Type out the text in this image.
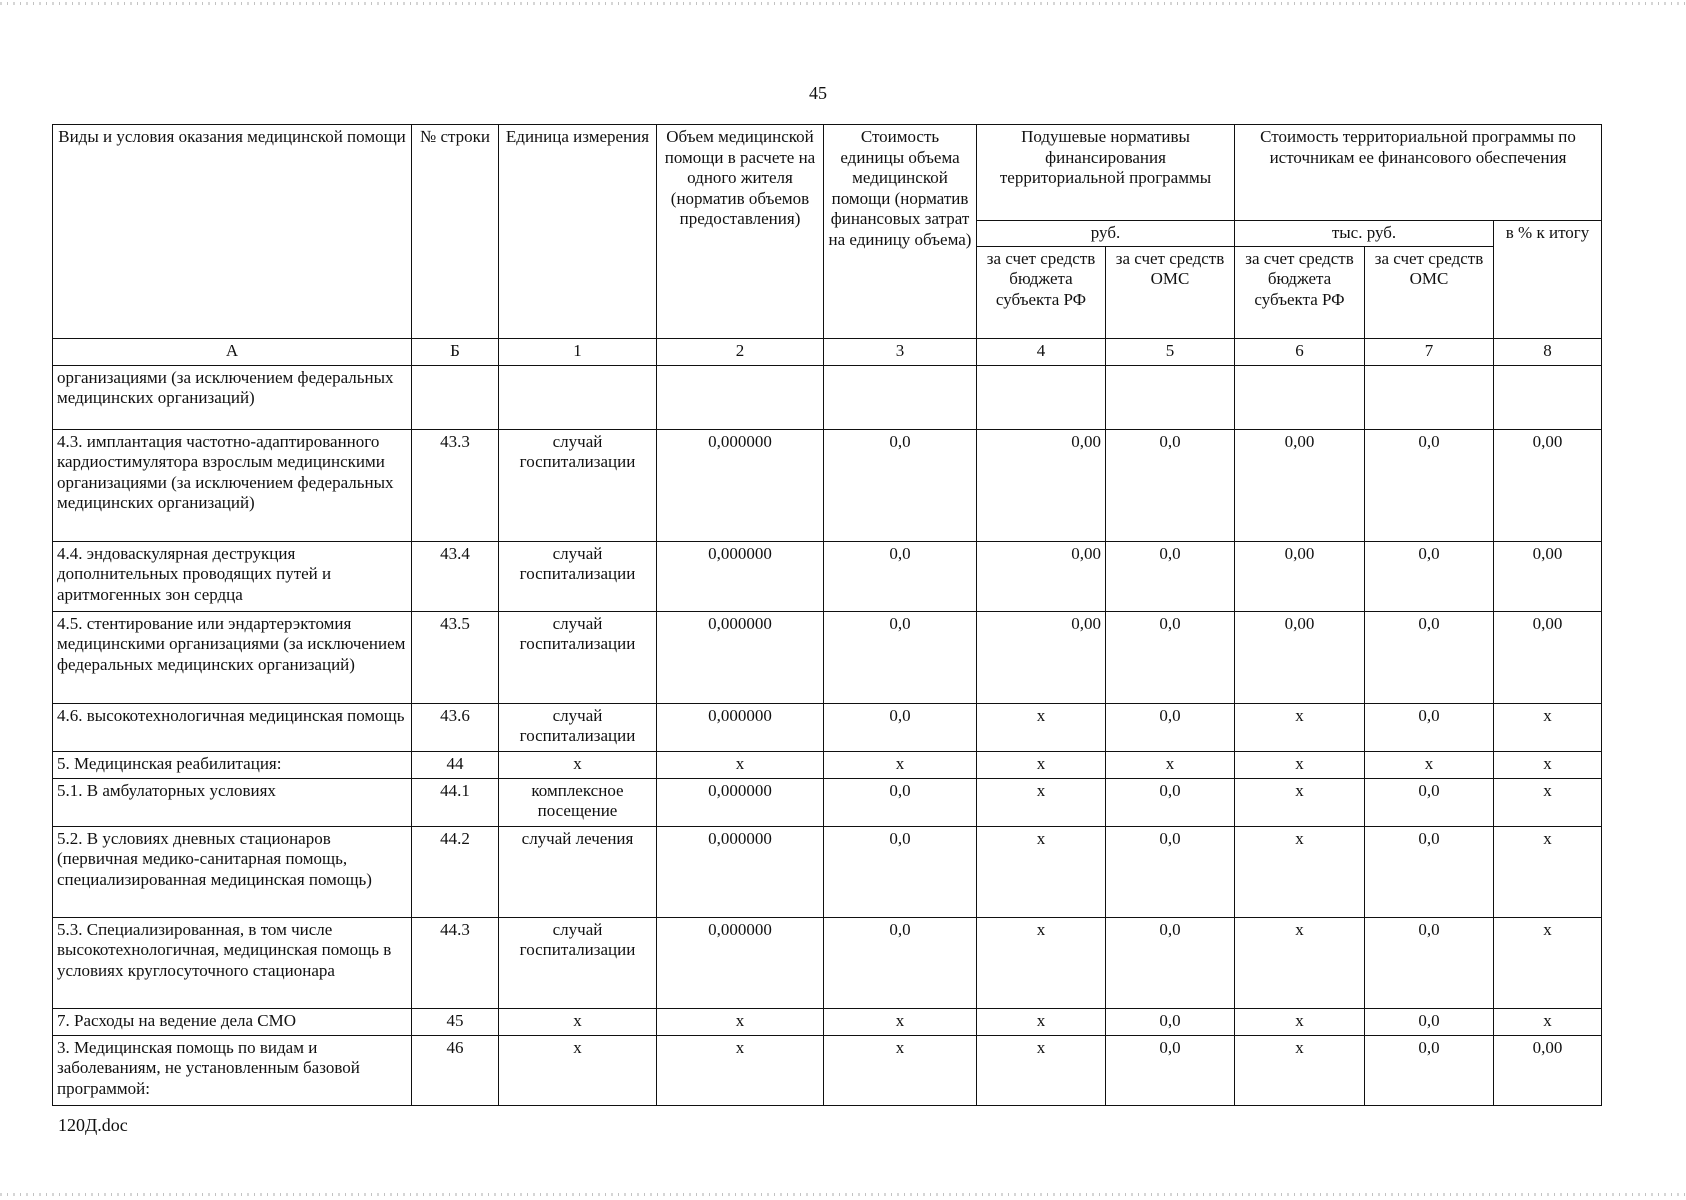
45
Виды и условия оказания медицинской помощи	№ строки	Единица измерения	Объем медицинской помощи в расчете на одного жителя (норматив объемов предоставления)	Стоимость единицы объема медицинской помощи (норматив финансовых затрат на единицу объема)	Подушевые нормативы финансирования территориальной программы		Стоимость территориальной программы по источникам ее финансового обеспечения		
					руб.		тыс. руб.		в % к итогу
					за счет средств бюджета субъекта РФ	за счет средств ОМС	за счет средств бюджета субъекта РФ	за счет средств ОМС	
А	Б	1	2	3	4	5	6	7	8
организациями (за исключением федеральных медицинских организаций)									
4.3. имплантация частотно-адаптированного кардиостимулятора взрослым медицинскими организациями (за исключением федеральных медицинских организаций)	43.3	случай госпитализации	0,000000	0,0	0,00	0,0	0,00	0,0	0,00
4.4. эндоваскулярная деструкция дополнительных проводящих путей и аритмогенных зон сердца	43.4	случай госпитализации	0,000000	0,0	0,00	0,0	0,00	0,0	0,00
4.5. стентирование или эндартерэктомия медицинскими организациями (за исключением федеральных медицинских организаций)	43.5	случай госпитализации	0,000000	0,0	0,00	0,0	0,00	0,0	0,00
4.6. высокотехнологичная медицинская помощь	43.6	случай госпитализации	0,000000	0,0	х	0,0	х	0,0	х
5. Медицинская реабилитация:	44	х	х	х	х	х	х	х	х
5.1. В амбулаторных условиях	44.1	комплексное посещение	0,000000	0,0	х	0,0	х	0,0	х
5.2. В условиях дневных стационаров (первичная медико-санитарная помощь, специализированная медицинская помощь)	44.2	случай лечения	0,000000	0,0	х	0,0	х	0,0	х
5.3. Специализированная, в том числе высокотехнологичная, медицинская помощь в условиях круглосуточного стационара	44.3	случай госпитализации	0,000000	0,0	х	0,0	х	0,0	х
7. Расходы на ведение дела СМО	45	х	х	х	х	0,0	х	0,0	х
3. Медицинская помощь по видам и заболеваниям, не установленным базовой программой:	46	х	х	х	х	0,0	х	0,0	0,00
120Д.doc
